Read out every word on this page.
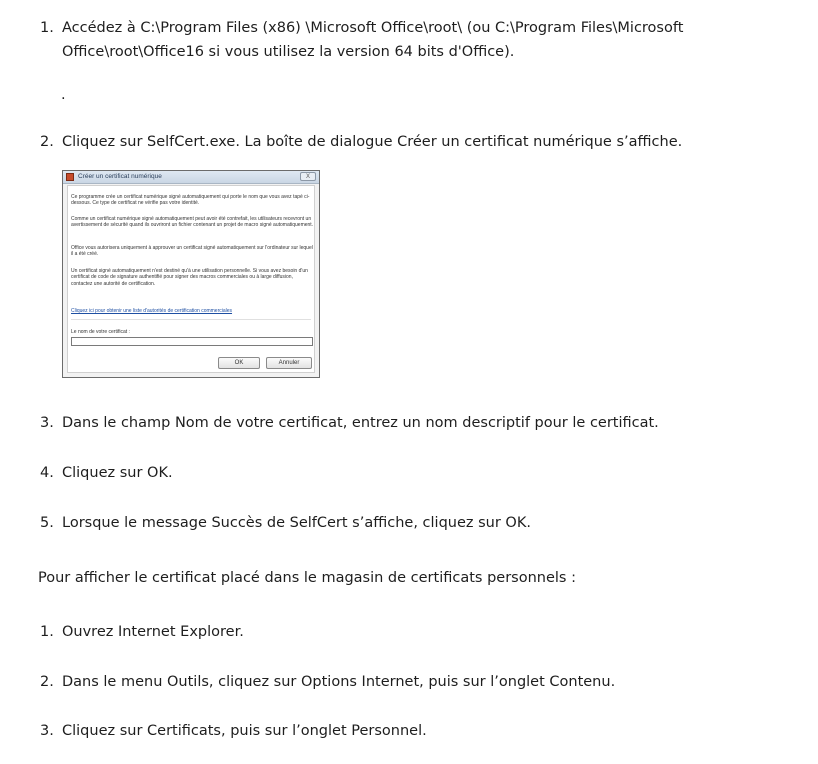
1. Accédez à C:\Program Files (x86) \Microsoft Office\root\ (ou C:\Program Files\Microsoft
Office\root\Office16 si vous utilisez la version 64 bits d'Office).
.
2. Cliquez sur SelfCert.exe. La boîte de dialogue Créer un certificat numérique s’affiche.
Créer un certificat numérique	X
Ce programme crée un certificat numérique signé automatiquement qui porte le nom que vous avez tapé ci-dessous. Ce type de certificat ne vérifie pas votre identité.
Comme un certificat numérique signé automatiquement peut avoir été contrefait, les utilisateurs recevront un avertissement de sécurité quand ils ouvriront un fichier contenant un projet de macro signé automatiquement.
Office vous autorisera uniquement à approuver un certificat signé automatiquement sur l'ordinateur sur lequel il a été créé.
Un certificat signé automatiquement n'est destiné qu'à une utilisation personnelle. Si vous avez besoin d'un certificat de code de signature authentifié pour signer des macros commerciales ou à large diffusion, contactez une autorité de certification.
Cliquez ici pour obtenir une liste d'autorités de certification commerciales
Le nom de votre certificat :
OK	Annuler
3. Dans le champ Nom de votre certificat, entrez un nom descriptif pour le certificat.
4. Cliquez sur OK.
5. Lorsque le message Succès de SelfCert s’affiche, cliquez sur OK.
Pour afficher le certificat placé dans le magasin de certificats personnels :
1. Ouvrez Internet Explorer.
2. Dans le menu Outils, cliquez sur Options Internet, puis sur l’onglet Contenu.
3. Cliquez sur Certificats, puis sur l’onglet Personnel.
